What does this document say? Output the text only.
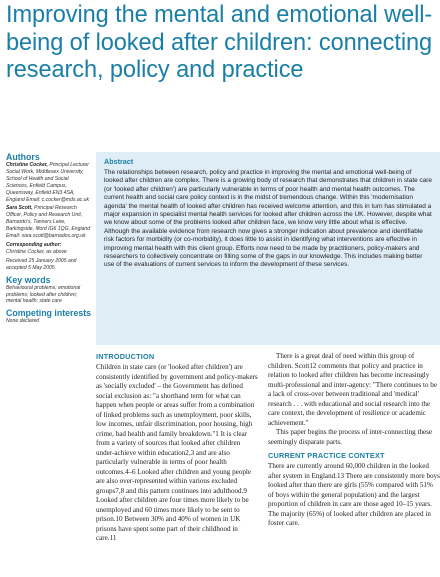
Improving the mental and emotional well-being of looked after children: connecting research, policy and practice

Authors

Christine Cocker, Principal Lecturer Social Work, Middlesex University, School of Health and Social Sciences, Enfield Campus, Queensway, Enfield EN3 4SA, England Email: c.cocker@mdx.ac.uk

Sara Scott, Principal Research Officer, Policy and Research Unit, Barnardo's, Tanners Lane, Barkingside, Ilford IG6 1QG, England Email: sara.scott@barnados.org.uk

Corresponding author:
Christine Cocker, as above

Received 25 January 2005 and accepted 5 May 2005

Key words

Behavioural problems; emotional problems; looked after children; mental health; state care

Competing interests

None declared

Abstract

The relationships between research, policy and practice in improving the mental and emotional well-being of looked after children are complex. There is a growing body of research that demonstrates that children in state care (or 'looked after children') are particularly vulnerable in terms of poor health and mental health outcomes. The current health and social care policy context is in the midst of tremendous change. Within this 'modernisation agenda' the mental health of looked after children has received welcome attention, and this in turn has stimulated a major expansion in specialist mental health services for looked after children across the UK. However, despite what we know about some of the problems looked after children face, we know very little about what is effective. Although the available evidence from research now gives a stronger indication about prevalence and identifiable risk factors for morbidity (or co-morbidity), it does little to assist in identifying what interventions are effective in improving mental health with this client group. Efforts now need to be made by practitioners, policy-makers and researchers to collectively concentrate on filling some of the gaps in our knowledge. This includes making better use of the evaluations of current services to inform the development of these services.

INTRODUCTION

Children in state care (or 'looked after children') are consistently identified by government and policy-makers as 'socially excluded' – the Government has defined social exclusion as: "a shorthand term for what can happen when people or areas suffer from a combination of linked problems such as unemployment, poor skills, low incomes, unfair discrimination, poor housing, high crime, bad health and family breakdown."1 It is clear from a variety of sources that looked after children under-achieve within education2,3 and are also particularly vulnerable in terms of poor health outcomes.4–6 Looked after children and young people are also over-represented within various excluded groups7,8 and this pattern continues into adulthood.9 Looked after children are four times more likely to be unemployed and 60 times more likely to be sent to prison.10 Between 30% and 40% of women in UK prisons have spent some part of their childhood in care.11

There is a great deal of need within this group of children. Scott12 comments that policy and practice in relation to looked after children has become increasingly multi-professional and inter-agency: "There continues to be a lack of cross-over between traditional and 'medical' research . . . with educational and social research into the care context, the development of resilience or academic achievement."

This paper begins the process of inter-connecting these seemingly disparate parts.

CURRENT PRACTICE CONTEXT

There are currently around 60,000 children in the looked after system in England.13 There are consistently more boys looked after than there are girls (55% compared with 51% of boys within the general population) and the largest proportion of children in care are those aged 10–15 years. The majority (65%) of looked after children are placed in foster care.
